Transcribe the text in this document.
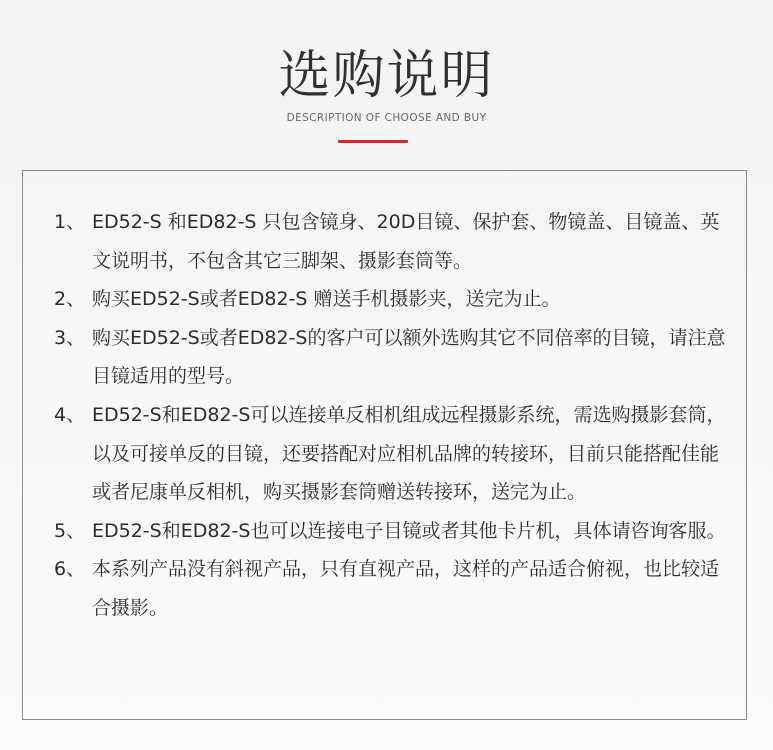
选购说明
DESCRIPTION OF CHOOSE AND BUY
1、 ED52-S 和ED82-S 只包含镜身、20D目镜、保护套、物镜盖、目镜盖、英文说明书，不包含其它三脚架、摄影套筒等。
2、 购买ED52-S或者ED82-S 赠送手机摄影夹，送完为止。
3、 购买ED52-S或者ED82-S的客户可以额外选购其它不同倍率的目镜，请注意目镜适用的型号。
4、 ED52-S和ED82-S可以连接单反相机组成远程摄影系统，需选购摄影套筒，以及可接单反的目镜，还要搭配对应相机品牌的转接环，目前只能搭配佳能或者尼康单反相机，购买摄影套筒赠送转接环，送完为止。
5、 ED52-S和ED82-S也可以连接电子目镜或者其他卡片机，具体请咨询客服。
6、 本系列产品没有斜视产品，只有直视产品，这样的产品适合俯视，也比较适合摄影。
